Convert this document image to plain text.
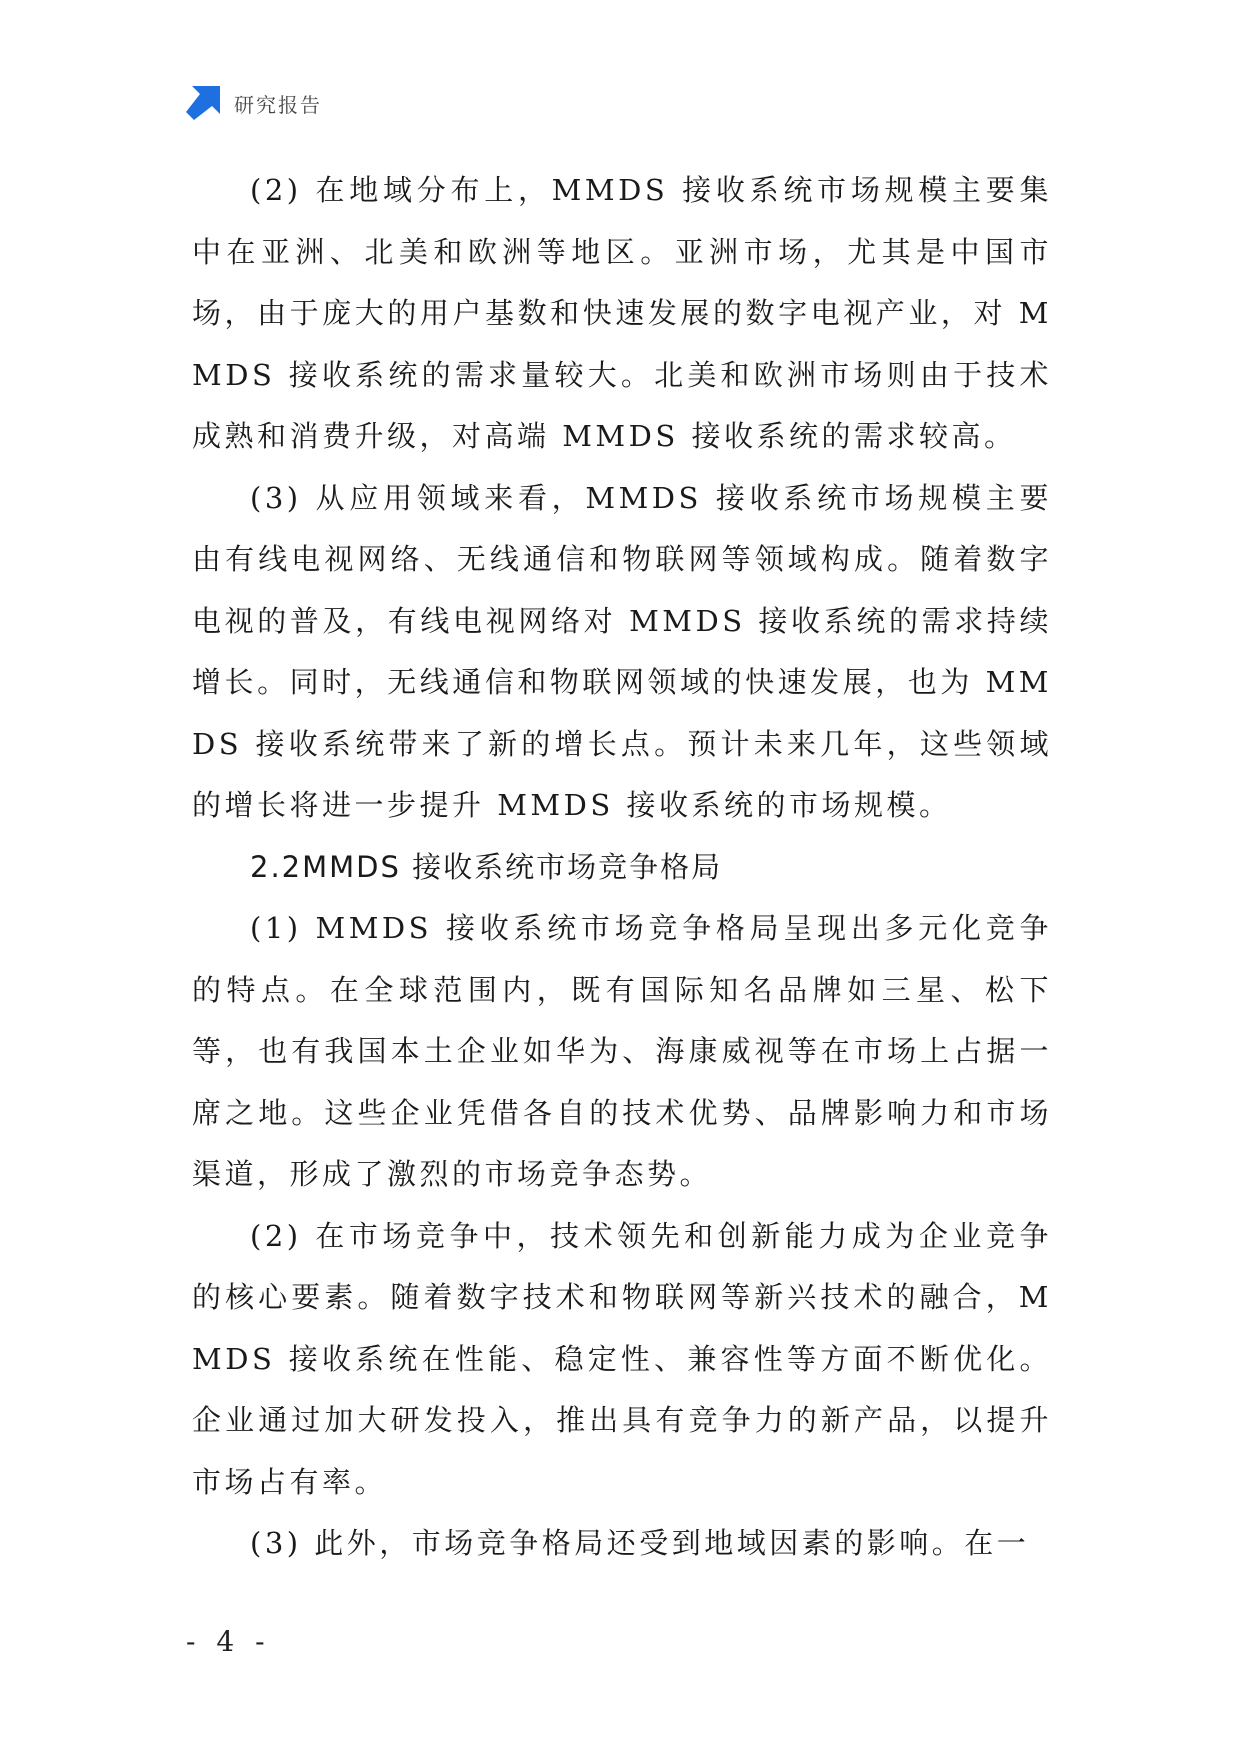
研究报告

(2) 在地域分布上，MMDS 接收系统市场规模主要集中在亚洲、北美和欧洲等地区。亚洲市场，尤其是中国市场，由于庞大的用户基数和快速发展的数字电视产业，对 MMDS 接收系统的需求量较大。北美和欧洲市场则由于技术成熟和消费升级，对高端 MMDS 接收系统的需求较高。

(3) 从应用领域来看，MMDS 接收系统市场规模主要由有线电视网络、无线通信和物联网等领域构成。随着数字电视的普及，有线电视网络对 MMDS 接收系统的需求持续增长。同时，无线通信和物联网领域的快速发展，也为 MMDS 接收系统带来了新的增长点。预计未来几年，这些领域的增长将进一步提升 MMDS 接收系统的市场规模。

2.2MMDS 接收系统市场竞争格局

(1) MMDS 接收系统市场竞争格局呈现出多元化竞争的特点。在全球范围内，既有国际知名品牌如三星、松下等，也有我国本土企业如华为、海康威视等在市场上占据一席之地。这些企业凭借各自的技术优势、品牌影响力和市场渠道，形成了激烈的市场竞争态势。

(2) 在市场竞争中，技术领先和创新能力成为企业竞争的核心要素。随着数字技术和物联网等新兴技术的融合，MMDS 接收系统在性能、稳定性、兼容性等方面不断优化。企业通过加大研发投入，推出具有竞争力的新产品，以提升市场占有率。

(3) 此外，市场竞争格局还受到地域因素的影响。在一

- 4 -
